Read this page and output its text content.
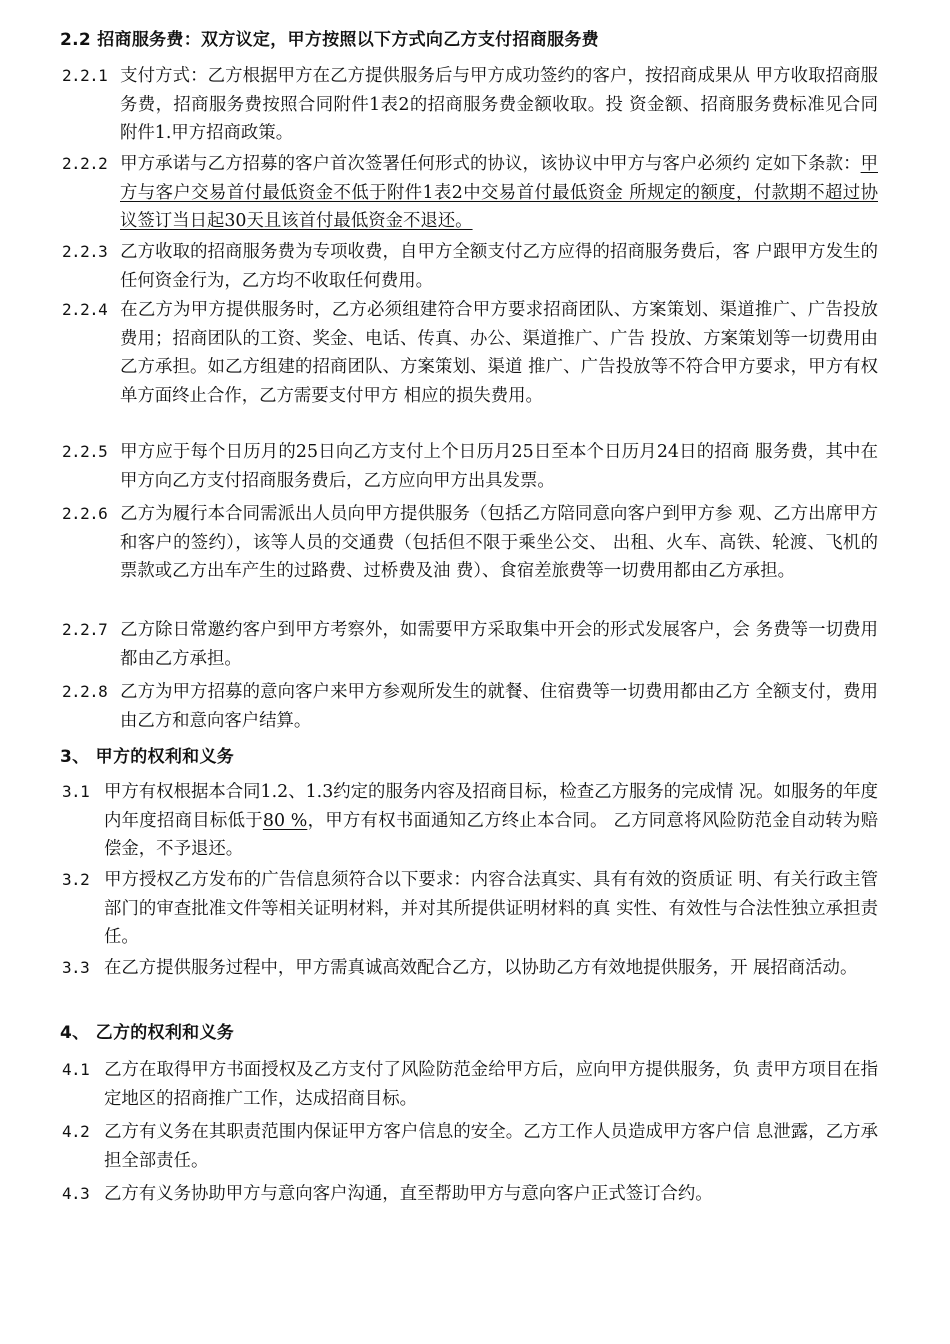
2.2 招商服务费：双方议定，甲方按照以下方式向乙方支付招商服务费
2.2.1 支付方式：乙方根据甲方在乙方提供服务后与甲方成功签约的客户，按招商成果从 甲方收取招商服务费，招商服务费按照合同附件1表2的招商服务费金额收取。投 资金额、招商服务费标准见合同附件1.甲方招商政策。
2.2.2 甲方承诺与乙方招募的客户首次签署任何形式的协议，该协议中甲方与客户必须约 定如下条款：甲方与客户交易首付最低资金不低于附件1表2中交易首付最低资金 所规定的额度，付款期不超过协议签订当日起30天且该首付最低资金不退还。
2.2.3 乙方收取的招商服务费为专项收费，自甲方全额支付乙方应得的招商服务费后，客 户跟甲方发生的任何资金行为，乙方均不收取任何费用。
2.2.4 在乙方为甲方提供服务时，乙方必须组建符合甲方要求招商团队、方案策划、渠道推广、广告投放费用；招商团队的工资、奖金、电话、传真、办公、渠道推广、广告 投放、方案策划等一切费用由乙方承担。如乙方组建的招商团队、方案策划、渠道 推广、广告投放等不符合甲方要求，甲方有权单方面终止合作，乙方需要支付甲方 相应的损失费用。
2.2.5 甲方应于每个日历月的25日向乙方支付上个日历月25日至本个日历月24日的招商 服务费，其中在甲方向乙方支付招商服务费后，乙方应向甲方出具发票。
2.2.6 乙方为履行本合同需派出人员向甲方提供服务（包括乙方陪同意向客户到甲方参 观、乙方出席甲方和客户的签约），该等人员的交通费（包括但不限于乘坐公交、 出租、火车、高铁、轮渡、飞机的票款或乙方出车产生的过路费、过桥费及油 费）、食宿差旅费等一切费用都由乙方承担。
2.2.7 乙方除日常邀约客户到甲方考察外，如需要甲方采取集中开会的形式发展客户，会 务费等一切费用都由乙方承担。
2.2.8 乙方为甲方招募的意向客户来甲方参观所发生的就餐、住宿费等一切费用都由乙方 全额支付，费用由乙方和意向客户结算。
3、 甲方的权利和义务
3.1 甲方有权根据本合同1.2、1.3约定的服务内容及招商目标，检查乙方服务的完成情 况。如服务的年度内年度招商目标低于80 %，甲方有权书面通知乙方终止本合同。 乙方同意将风险防范金自动转为赔偿金，不予退还。
3.2 甲方授权乙方发布的广告信息须符合以下要求：内容合法真实、具有有效的资质证 明、有关行政主管部门的审查批准文件等相关证明材料，并对其所提供证明材料的真 实性、有效性与合法性独立承担责任。
3.3 在乙方提供服务过程中，甲方需真诚高效配合乙方，以协助乙方有效地提供服务，开 展招商活动。
4、 乙方的权利和义务
4.1 乙方在取得甲方书面授权及乙方支付了风险防范金给甲方后，应向甲方提供服务，负 责甲方项目在指定地区的招商推广工作，达成招商目标。
4.2 乙方有义务在其职责范围内保证甲方客户信息的安全。乙方工作人员造成甲方客户信 息泄露，乙方承担全部责任。
4.3 乙方有义务协助甲方与意向客户沟通，直至帮助甲方与意向客户正式签订合约。
